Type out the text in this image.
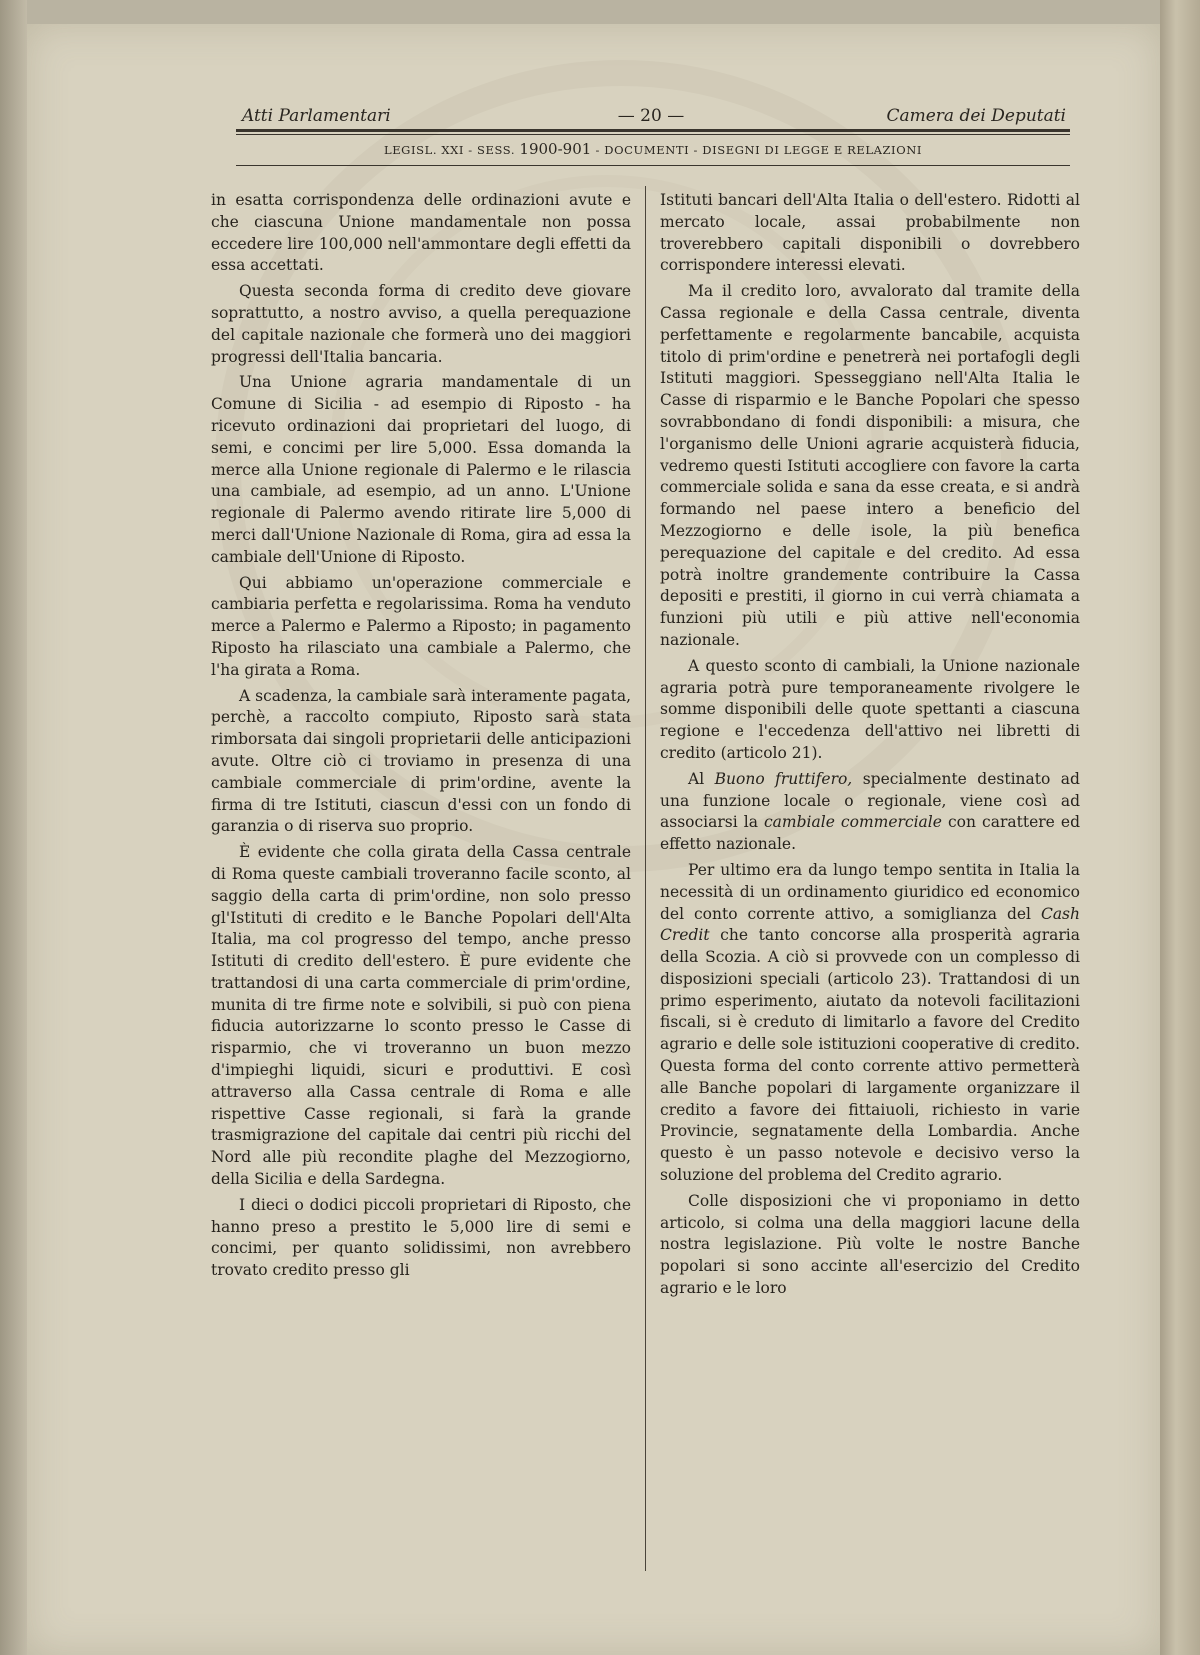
Atti Parlamentari	— 20 —	Camera dei Deputati
LEGISL. XXI - SESS. 1900-901 - DOCUMENTI - DISEGNI DI LEGGE E RELAZIONI

in esatta corrispondenza delle ordinazioni avute e che ciascuna Unione mandamentale non possa eccedere lire 100,000 nell'ammontare degli effetti da essa accettati.

Questa seconda forma di credito deve giovare soprattutto, a nostro avviso, a quella perequazione del capitale nazionale che formerà uno dei maggiori progressi dell'Italia bancaria.

Una Unione agraria mandamentale di un Comune di Sicilia - ad esempio di Riposto - ha ricevuto ordinazioni dai proprietari del luogo, di semi, e concimi per lire 5,000. Essa domanda la merce alla Unione regionale di Palermo e le rilascia una cambiale, ad esempio, ad un anno. L'Unione regionale di Palermo avendo ritirate lire 5,000 di merci dall'Unione Nazionale di Roma, gira ad essa la cambiale dell'Unione di Riposto.

Qui abbiamo un'operazione commerciale e cambiaria perfetta e regolarissima. Roma ha venduto merce a Palermo e Palermo a Riposto; in pagamento Riposto ha rilasciato una cambiale a Palermo, che l'ha girata a Roma.

A scadenza, la cambiale sarà interamente pagata, perchè, a raccolto compiuto, Riposto sarà stata rimborsata dai singoli proprietarii delle anticipazioni avute. Oltre ciò ci troviamo in presenza di una cambiale commerciale di prim'ordine, avente la firma di tre Istituti, ciascun d'essi con un fondo di garanzia o di riserva suo proprio.

È evidente che colla girata della Cassa centrale di Roma queste cambiali troveranno facile sconto, al saggio della carta di prim'ordine, non solo presso gl'Istituti di credito e le Banche Popolari dell'Alta Italia, ma col progresso del tempo, anche presso Istituti di credito dell'estero. È pure evidente che trattandosi di una carta commerciale di prim'ordine, munita di tre firme note e solvibili, si può con piena fiducia autorizzarne lo sconto presso le Casse di risparmio, che vi troveranno un buon mezzo d'impieghi liquidi, sicuri e produttivi. E così attraverso alla Cassa centrale di Roma e alle rispettive Casse regionali, si farà la grande trasmigrazione del capitale dai centri più ricchi del Nord alle più recondite plaghe del Mezzogiorno, della Sicilia e della Sardegna.

I dieci o dodici piccoli proprietari di Riposto, che hanno preso a prestito le 5,000 lire di semi e concimi, per quanto solidissimi, non avrebbero trovato credito presso gli

Istituti bancari dell'Alta Italia o dell'estero. Ridotti al mercato locale, assai probabilmente non troverebbero capitali disponibili o dovrebbero corrispondere interessi elevati.

Ma il credito loro, avvalorato dal tramite della Cassa regionale e della Cassa centrale, diventa perfettamente e regolarmente bancabile, acquista titolo di prim'ordine e penetrerà nei portafogli degli Istituti maggiori. Spesseggiano nell'Alta Italia le Casse di risparmio e le Banche Popolari che spesso sovrabbondano di fondi disponibili: a misura, che l'organismo delle Unioni agrarie acquisterà fiducia, vedremo questi Istituti accogliere con favore la carta commerciale solida e sana da esse creata, e si andrà formando nel paese intero a beneficio del Mezzogiorno e delle isole, la più benefica perequazione del capitale e del credito. Ad essa potrà inoltre grandemente contribuire la Cassa depositi e prestiti, il giorno in cui verrà chiamata a funzioni più utili e più attive nell'economia nazionale.

A questo sconto di cambiali, la Unione nazionale agraria potrà pure temporaneamente rivolgere le somme disponibili delle quote spettanti a ciascuna regione e l'eccedenza dell'attivo nei libretti di credito (articolo 21).

Al Buono fruttifero, specialmente destinato ad una funzione locale o regionale, viene così ad associarsi la cambiale commerciale con carattere ed effetto nazionale.

Per ultimo era da lungo tempo sentita in Italia la necessità di un ordinamento giuridico ed economico del conto corrente attivo, a somiglianza del Cash Credit che tanto concorse alla prosperità agraria della Scozia. A ciò si provvede con un complesso di disposizioni speciali (articolo 23). Trattandosi di un primo esperimento, aiutato da notevoli facilitazioni fiscali, si è creduto di limitarlo a favore del Credito agrario e delle sole istituzioni cooperative di credito. Questa forma del conto corrente attivo permetterà alle Banche popolari di largamente organizzare il credito a favore dei fittaiuoli, richiesto in varie Provincie, segnatamente della Lombardia. Anche questo è un passo notevole e decisivo verso la soluzione del problema del Credito agrario.

Colle disposizioni che vi proponiamo in detto articolo, si colma una della maggiori lacune della nostra legislazione. Più volte le nostre Banche popolari si sono accinte all'esercizio del Credito agrario e le loro
